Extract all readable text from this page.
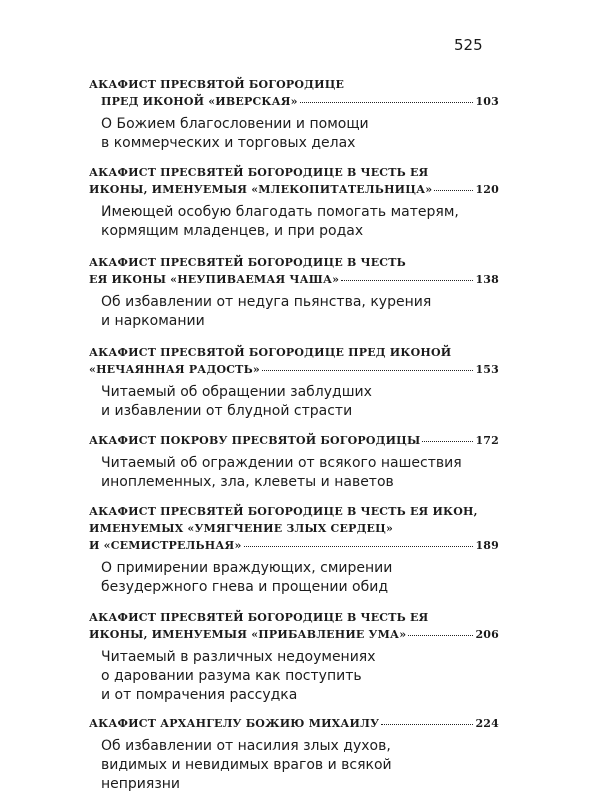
525
АКАФИСТ ПРЕСВЯТОЙ БОГОРОДИЦЕ
ПРЕД ИКОНОЙ «ИВЕРСКАЯ»	103
О Божием благословении и помощи
в коммерческих и торговых делах
АКАФИСТ ПРЕСВЯТЕЙ БОГОРОДИЦЕ В ЧЕСТЬ ЕЯ
ИКОНЫ, ИМЕНУЕМЫЯ «МЛЕКОПИТАТЕЛЬНИЦА»	120
Имеющей особую благодать помогать матерям,
кормящим младенцев, и при родах
АКАФИСТ ПРЕСВЯТЕЙ БОГОРОДИЦЕ В ЧЕСТЬ
ЕЯ ИКОНЫ «НЕУПИВАЕМАЯ ЧАША»	138
Об избавлении от недуга пьянства, курения
и наркомании
АКАФИСТ ПРЕСВЯТОЙ БОГОРОДИЦЕ ПРЕД ИКОНОЙ
«НЕЧАЯННАЯ РАДОСТЬ»	153
Читаемый об обращении заблудших
и избавлении от блудной страсти
АКАФИСТ ПОКРОВУ ПРЕСВЯТОЙ БОГОРОДИЦЫ	172
Читаемый об ограждении от всякого нашествия
иноплеменных, зла, клеветы и наветов
АКАФИСТ ПРЕСВЯТЕЙ БОГОРОДИЦЕ В ЧЕСТЬ ЕЯ ИКОН,
ИМЕНУЕМЫХ «УМЯГЧЕНИЕ ЗЛЫХ СЕРДЕЦ»
И «СЕМИСТРЕЛЬНАЯ»	189
О примирении враждующих, смирении
безудержного гнева и прощении обид
АКАФИСТ ПРЕСВЯТЕЙ БОГОРОДИЦЕ В ЧЕСТЬ ЕЯ
ИКОНЫ, ИМЕНУЕМЫЯ «ПРИБАВЛЕНИЕ УМА»	206
Читаемый в различных недоумениях
о даровании разума как поступить
и от помрачения рассудка
АКАФИСТ АРХАНГЕЛУ БОЖИЮ МИХАИЛУ	224
Об избавлении от насилия злых духов,
видимых и невидимых врагов и всякой
неприязни
